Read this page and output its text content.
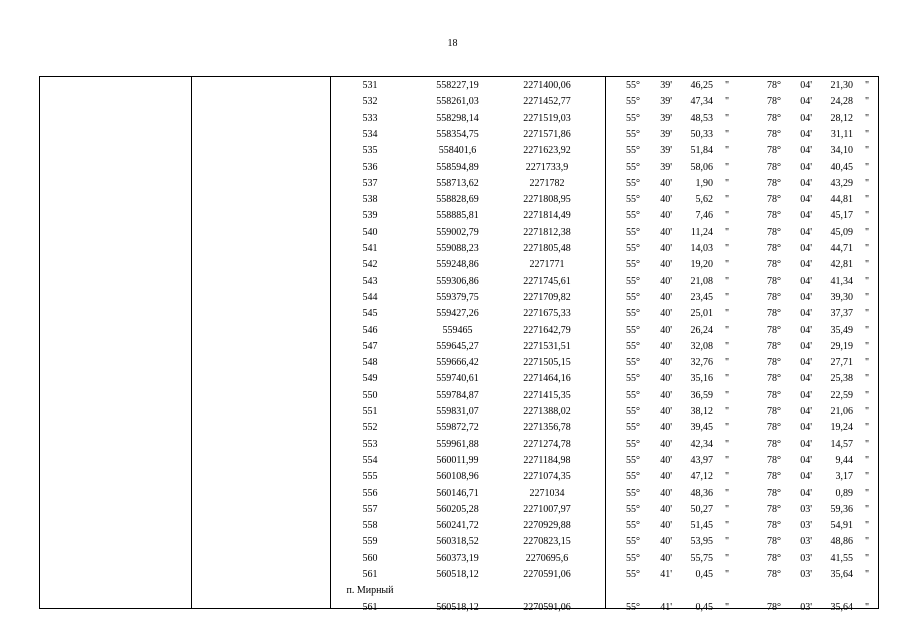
18
531	558227,19	2271400,06	55°	39'	46,25 "	78°	04'	21,30 "
532	558261,03	2271452,77	55°	39'	47,34 "	78°	04'	24,28 "
533	558298,14	2271519,03	55°	39'	48,53 "	78°	04'	28,12 "
534	558354,75	2271571,86	55°	39'	50,33 "	78°	04'	31,11 "
535	558401,6	2271623,92	55°	39'	51,84 "	78°	04'	34,10 "
536	558594,89	2271733,9	55°	39'	58,06 "	78°	04'	40,45 "
537	558713,62	2271782	55°	40'	1,90 "	78°	04'	43,29 "
538	558828,69	2271808,95	55°	40'	5,62 "	78°	04'	44,81 "
539	558885,81	2271814,49	55°	40'	7,46 "	78°	04'	45,17 "
540	559002,79	2271812,38	55°	40'	11,24 "	78°	04'	45,09 "
541	559088,23	2271805,48	55°	40'	14,03 "	78°	04'	44,71 "
542	559248,86	2271771	55°	40'	19,20 "	78°	04'	42,81 "
543	559306,86	2271745,61	55°	40'	21,08 "	78°	04'	41,34 "
544	559379,75	2271709,82	55°	40'	23,45 "	78°	04'	39,30 "
545	559427,26	2271675,33	55°	40'	25,01 "	78°	04'	37,37 "
546	559465	2271642,79	55°	40'	26,24 "	78°	04'	35,49 "
547	559645,27	2271531,51	55°	40'	32,08 "	78°	04'	29,19 "
548	559666,42	2271505,15	55°	40'	32,76 "	78°	04'	27,71 "
549	559740,61	2271464,16	55°	40'	35,16 "	78°	04'	25,38 "
550	559784,87	2271415,35	55°	40'	36,59 "	78°	04'	22,59 "
551	559831,07	2271388,02	55°	40'	38,12 "	78°	04'	21,06 "
552	559872,72	2271356,78	55°	40'	39,45 "	78°	04'	19,24 "
553	559961,88	2271274,78	55°	40'	42,34 "	78°	04'	14,57 "
554	560011,99	2271184,98	55°	40'	43,97 "	78°	04'	9,44 "
555	560108,96	2271074,35	55°	40'	47,12 "	78°	04'	3,17 "
556	560146,71	2271034	55°	40'	48,36 "	78°	04'	0,89 "
557	560205,28	2271007,97	55°	40'	50,27 "	78°	03'	59,36 "
558	560241,72	2270929,88	55°	40'	51,45 "	78°	03'	54,91 "
559	560318,52	2270823,15	55°	40'	53,95 "	78°	03'	48,86 "
560	560373,19	2270695,6	55°	40'	55,75 "	78°	03'	41,55 "
561	560518,12	2270591,06	55°	41'	0,45 "	78°	03'	35,64 "
п. Мирный
561	560518,12	2270591,06	55°	41'	0,45 "	78°	03'	35,64 "
